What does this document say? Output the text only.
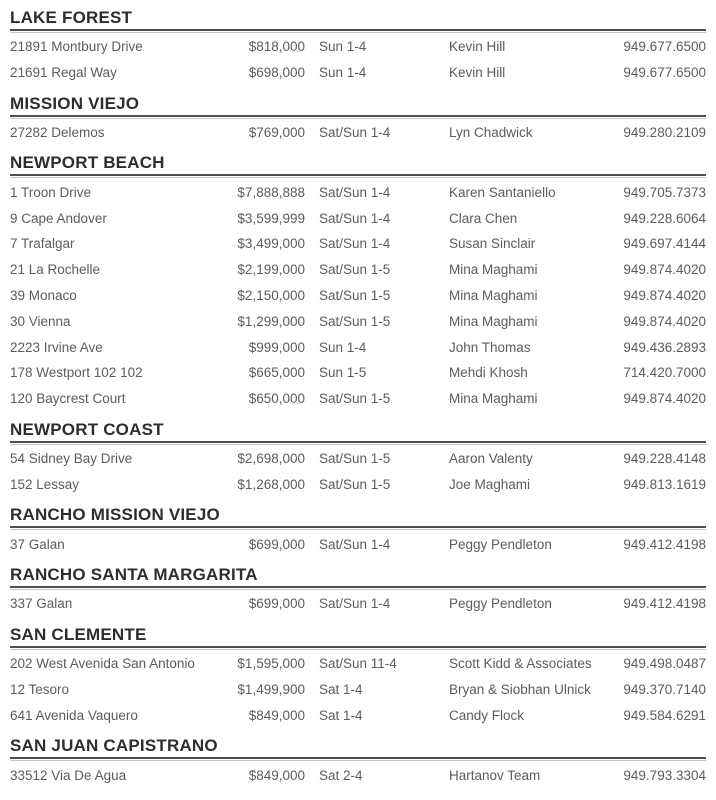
LAKE FOREST
21891 Montbury Drive	$818,000	Sun 1-4	Kevin Hill	949.677.6500
21691 Regal Way	$698,000	Sun 1-4	Kevin Hill	949.677.6500
MISSION VIEJO
27282 Delemos	$769,000	Sat/Sun 1-4	Lyn Chadwick	949.280.2109
NEWPORT BEACH
1 Troon Drive	$7,888,888	Sat/Sun 1-4	Karen Santaniello	949.705.7373
9 Cape Andover	$3,599,999	Sat/Sun 1-4	Clara Chen	949.228.6064
7 Trafalgar	$3,499,000	Sat/Sun 1-4	Susan Sinclair	949.697.4144
21 La Rochelle	$2,199,000	Sat/Sun 1-5	Mina Maghami	949.874.4020
39 Monaco	$2,150,000	Sat/Sun 1-5	Mina Maghami	949.874.4020
30 Vienna	$1,299,000	Sat/Sun 1-5	Mina Maghami	949.874.4020
2223 Irvine Ave	$999,000	Sun 1-4	John Thomas	949.436.2893
178 Westport 102 102	$665,000	Sun 1-5	Mehdi Khosh	714.420.7000
120 Baycrest Court	$650,000	Sat/Sun 1-5	Mina Maghami	949.874.4020
NEWPORT COAST
54 Sidney Bay Drive	$2,698,000	Sat/Sun 1-5	Aaron Valenty	949.228.4148
152 Lessay	$1,268,000	Sat/Sun 1-5	Joe Maghami	949.813.1619
RANCHO MISSION VIEJO
37 Galan	$699,000	Sat/Sun 1-4	Peggy Pendleton	949.412.4198
RANCHO SANTA MARGARITA
337 Galan	$699,000	Sat/Sun 1-4	Peggy Pendleton	949.412.4198
SAN CLEMENTE
202 West Avenida San Antonio	$1,595,000	Sat/Sun 11-4	Scott Kidd & Associates	949.498.0487
12 Tesoro	$1,499,900	Sat 1-4	Bryan & Siobhan Ulnick	949.370.7140
641 Avenida Vaquero	$849,000	Sat 1-4	Candy Flock	949.584.6291
SAN JUAN CAPISTRANO
33512 Via De Agua	$849,000	Sat 2-4	Hartanov Team	949.793.3304
